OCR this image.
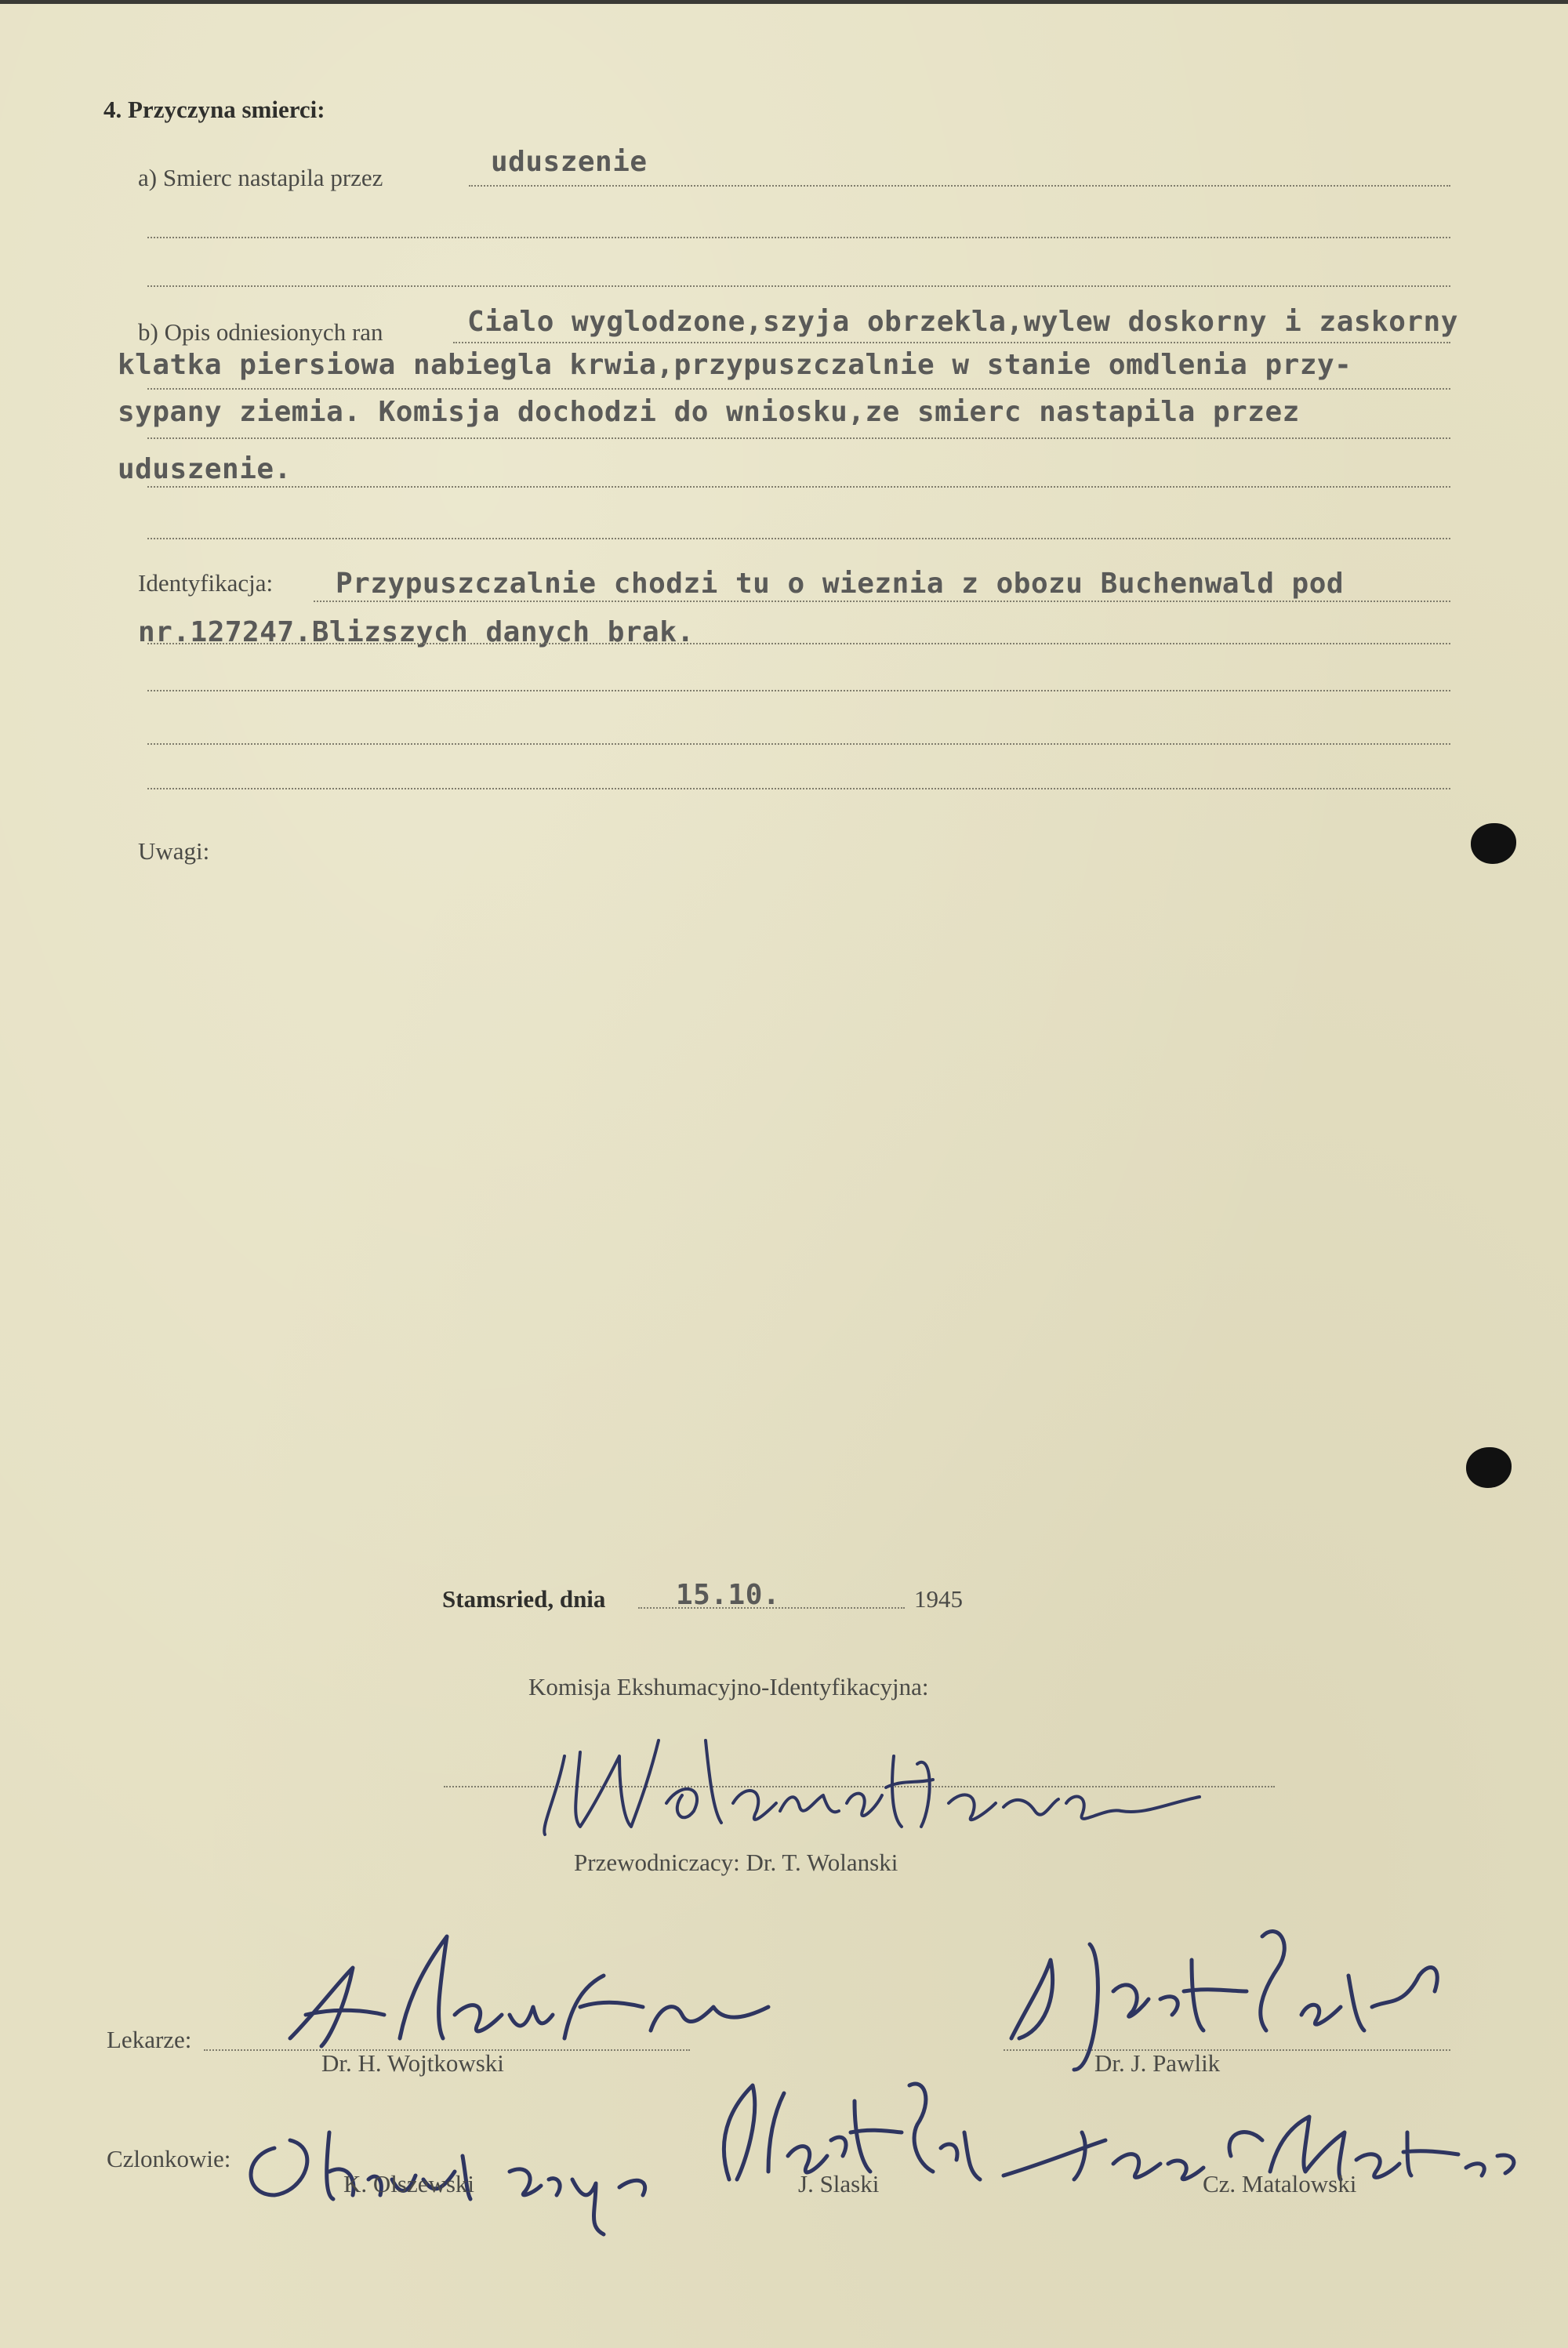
4. Przyczyna smierci:
a) Smierc nastapila przez	uduszenie
b) Opis odniesionych ran	Cialo wyglodzone,szyja obrzekla,wylew doskorny i zaskorny
klatka piersiowa nabiegla krwia,przypuszczalnie w stanie omdlenia przy-
sypany ziemia. Komisja dochodzi do wniosku,ze smierc nastapila przez
uduszenie.
Identyfikacja: Przypuszczalnie chodzi tu o wieznia z obozu Buchenwald pod
nr.127247.Blizszych danych brak.
Uwagi:
Stamsried, dnia 15.10.	1945
Komisja Ekshumacyjno-Identyfikacyjna:
Przewodniczacy: Dr. T. Wolanski
Lekarze:
Dr. H. Wojtkowski	Dr. J. Pawlik
Czlonkowie:
K. Olszewski	J. Slaski	Cz. Matalowski
